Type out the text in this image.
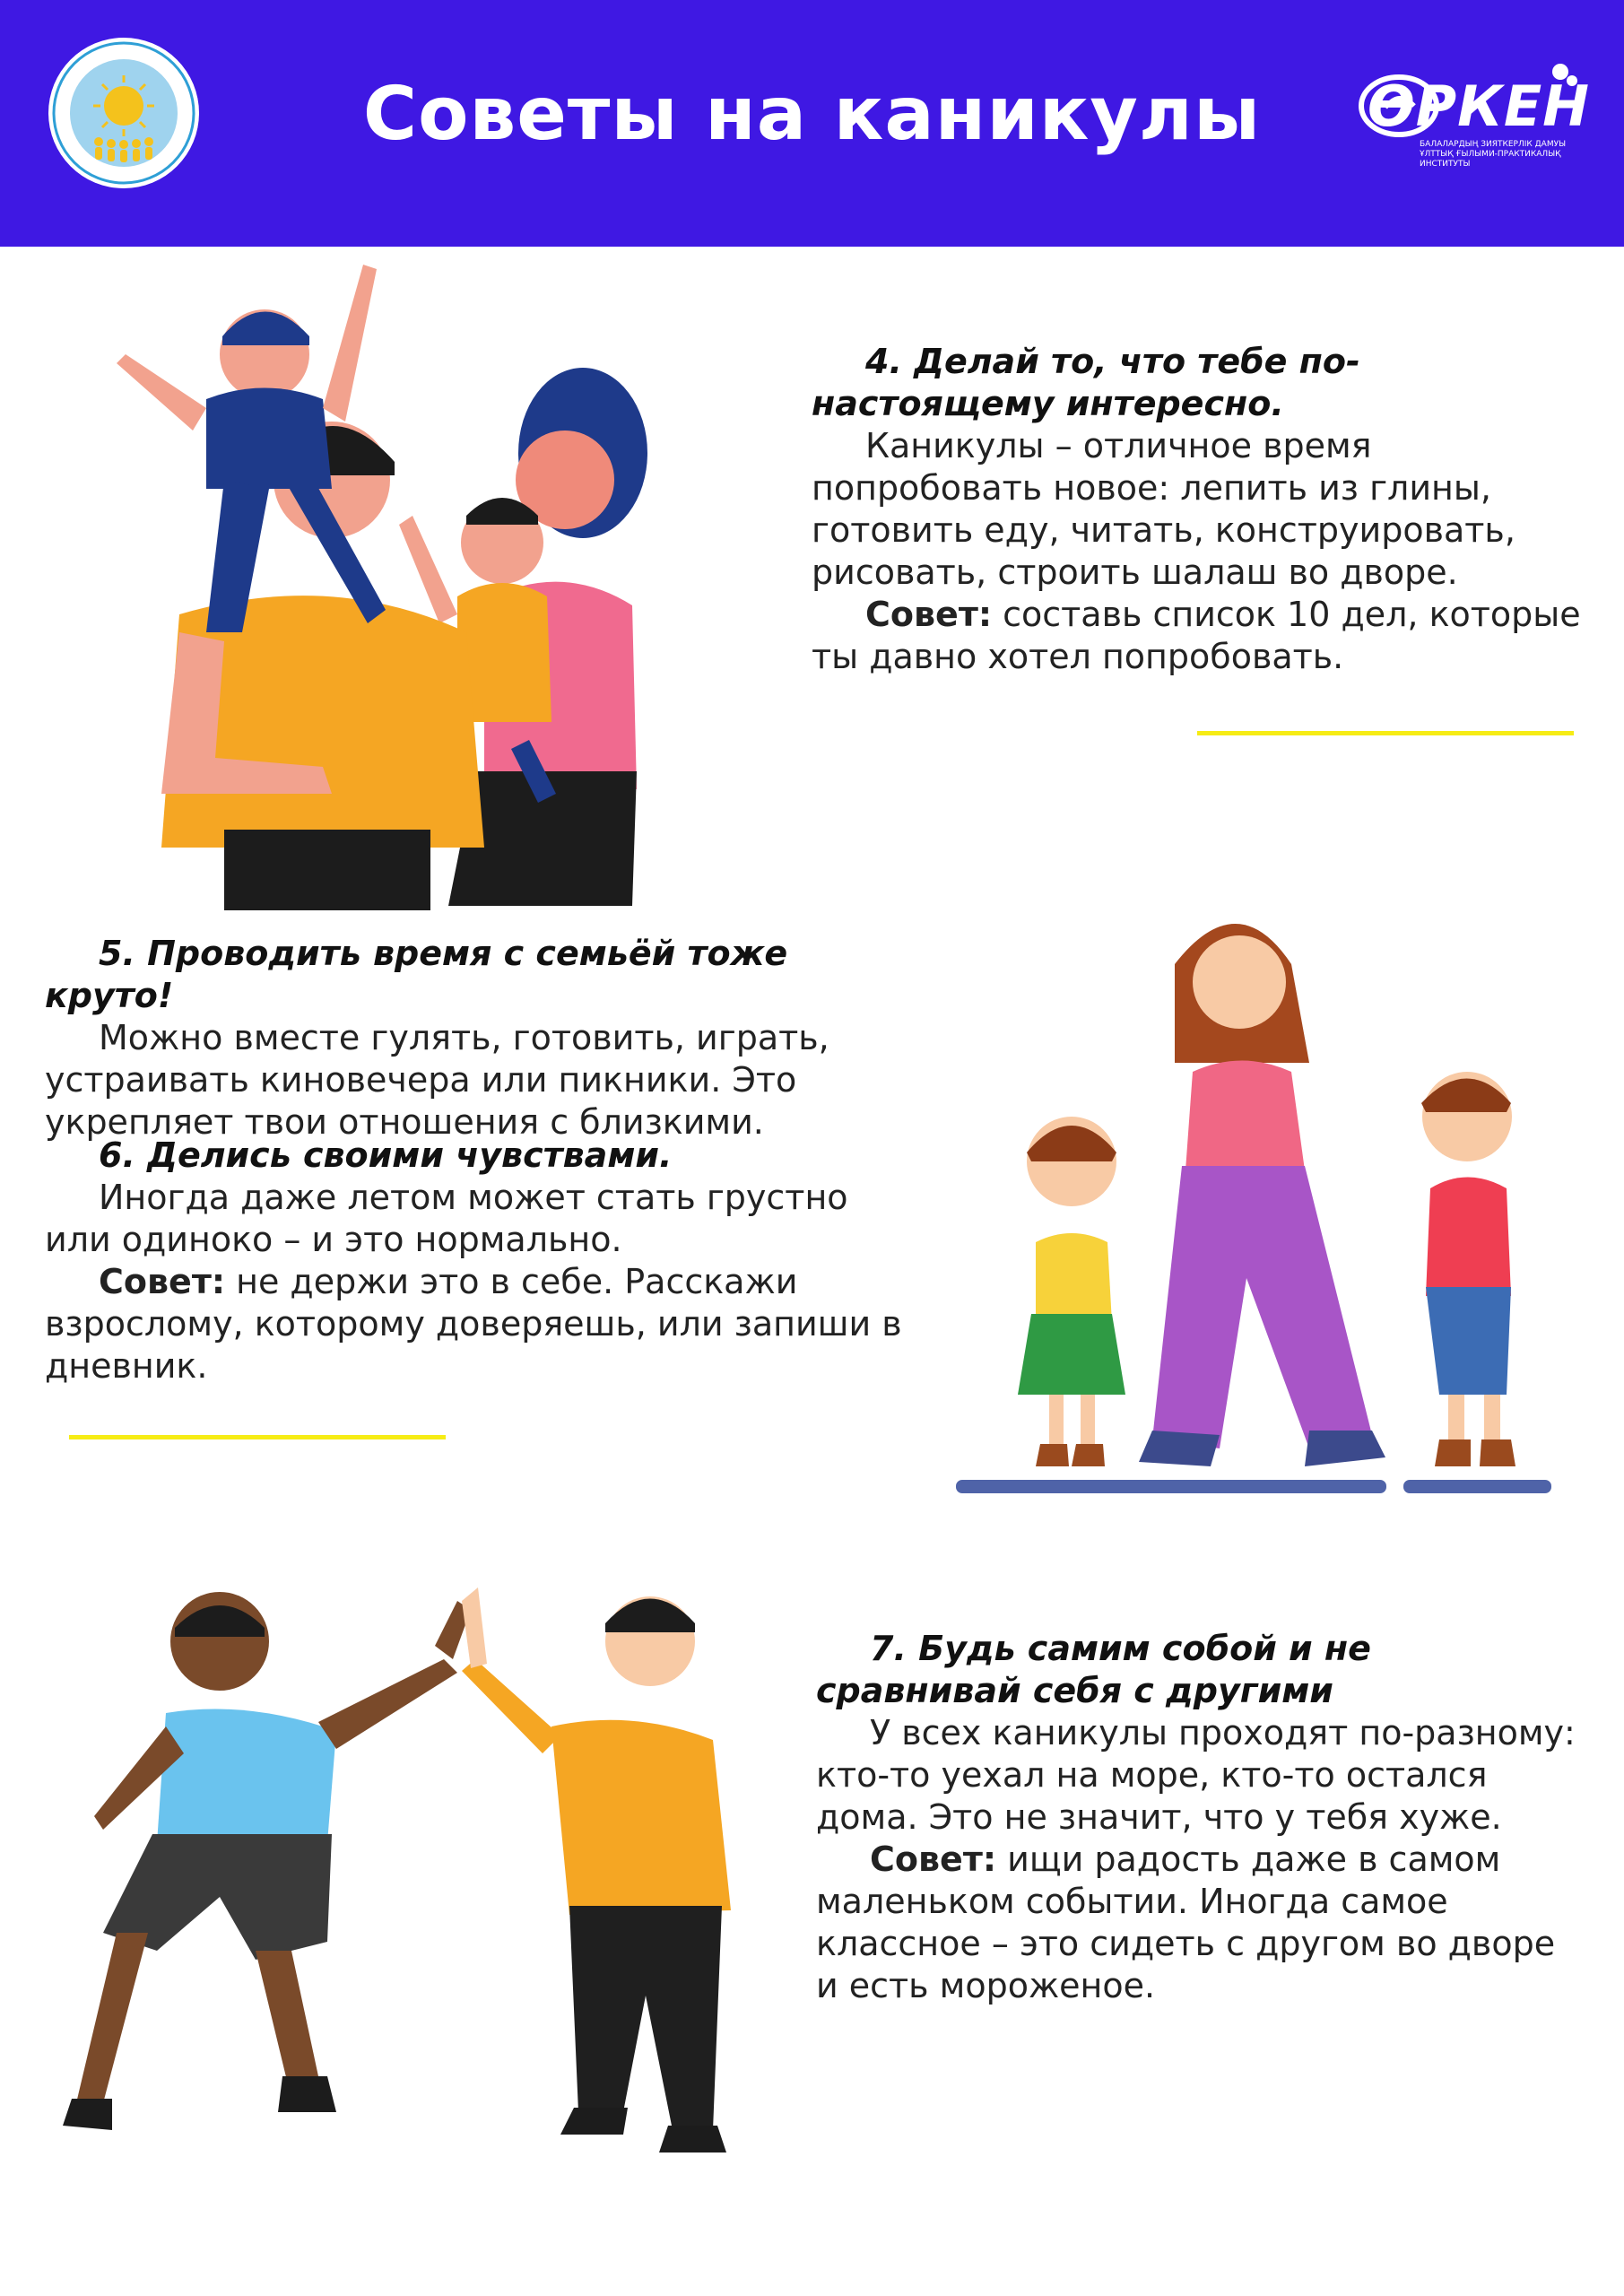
Советы на каникулы	ӨРКЕН
БАЛАЛАРДЫҢ ЗИЯТКЕРЛІК ДАМУЫ ҰЛТТЫҚ ҒЫЛЫМИ-ПРАКТИКАЛЫҚ ИНСТИТУТЫ

4. Делай то, что тебе по-настоящему интересно.

Каникулы – отличное время попробовать новое: лепить из глины, готовить еду, читать, конструировать, рисовать, строить шалаш во дворе.

Совет: составь список 10 дел, которые ты давно хотел попробовать.

5. Проводить время с семьёй тоже круто!

Можно вместе гулять, готовить, играть, устраивать киновечера или пикники. Это укрепляет твои отношения с близкими.

6. Делись своими чувствами.

Иногда даже летом может стать грустно или одиноко – и это нормально.

Совет: не держи это в себе. Расскажи взрослому, которому доверяешь, или запиши в дневник.

7. Будь самим собой и не сравнивай себя с другими

У всех каникулы проходят по-разному: кто-то уехал на море, кто-то остался дома. Это не значит, что у тебя хуже.

Совет: ищи радость даже в самом маленьком событии. Иногда самое классное – это сидеть с другом во дворе и есть мороженое.
